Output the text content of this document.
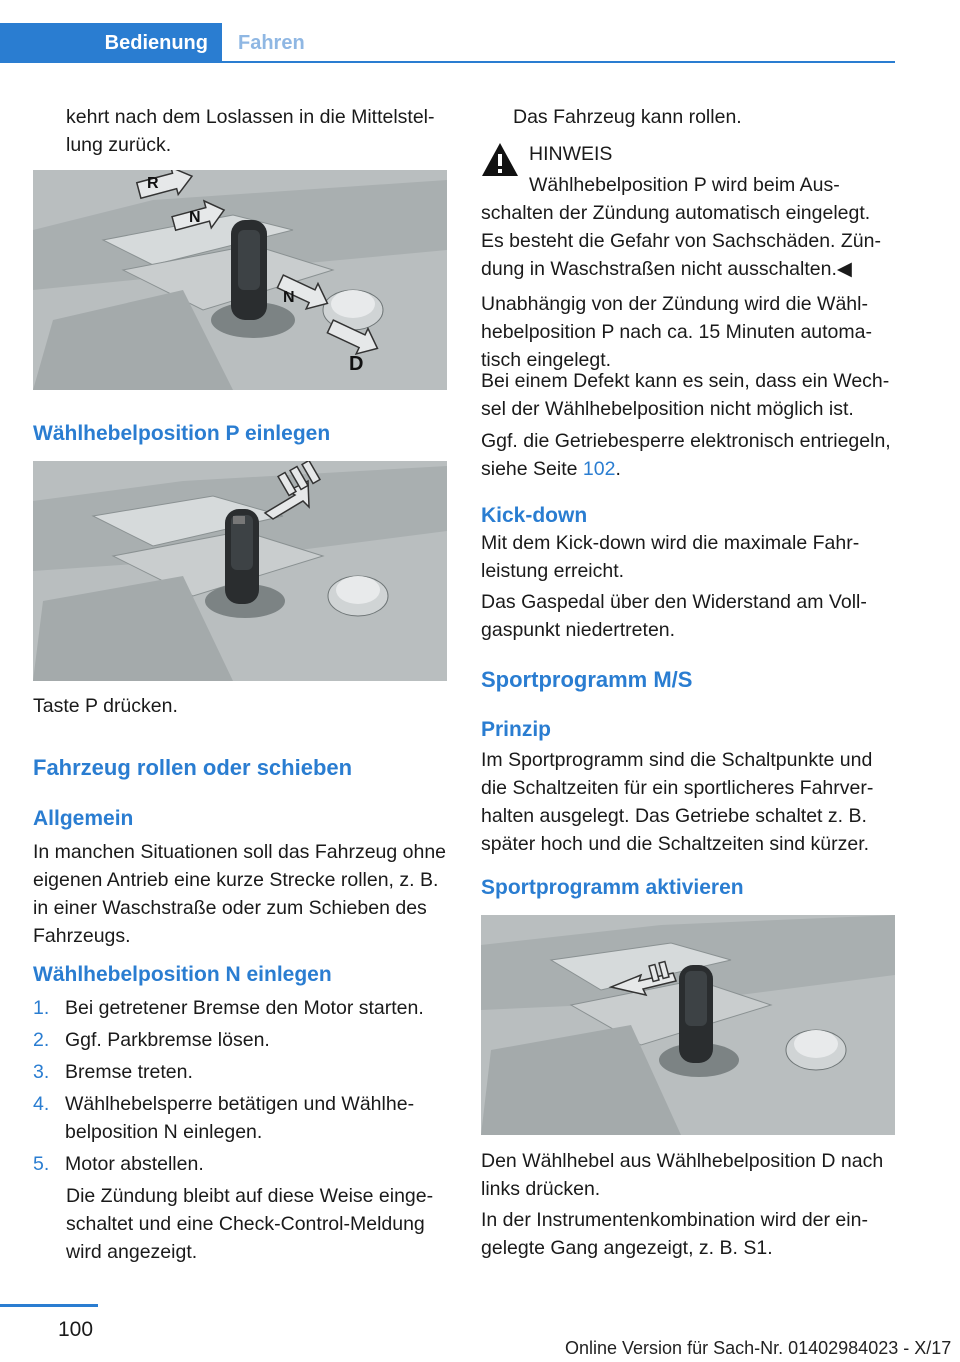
Bedienung	Fahren

kehrt nach dem Loslassen in die Mittelstellung zurück.

R
N
N
D
Wählhebelposition P einlegen

Taste P drücken.

Fahrzeug rollen oder schieben
Allgemein

In manchen Situationen soll das Fahrzeug ohne eigenen Antrieb eine kurze Strecke rollen, z. B. in einer Waschstraße oder zum Schieben des Fahrzeugs.

Wählhebelposition N einlegen
1. Bei getretener Bremse den Motor starten.
2. Ggf. Parkbremse lösen.
3. Bremse treten.
4. Wählhebelsperre betätigen und Wählhebelposition N einlegen.
5. Motor abstellen.

Die Zündung bleibt auf diese Weise eingeschaltet und eine Check-Control-Meldung wird angezeigt.

Das Fahrzeug kann rollen.

HINWEIS

Wählhebelposition P wird beim Aus-

schalten der Zündung automatisch eingelegt. Es besteht die Gefahr von Sachschäden. Zündung in Waschstraßen nicht ausschalten.◀

Unabhängig von der Zündung wird die Wählhebelposition P nach ca. 15 Minuten automatisch eingelegt.

Bei einem Defekt kann es sein, dass ein Wechsel der Wählhebelposition nicht möglich ist.

Ggf. die Getriebesperre elektronisch entriegeln, siehe Seite 102.

Kick-down

Mit dem Kick-down wird die maximale Fahrleistung erreicht.

Das Gaspedal über den Widerstand am Vollgaspunkt niedertreten.

Sportprogramm M/S
Prinzip

Im Sportprogramm sind die Schaltpunkte und die Schaltzeiten für ein sportlicheres Fahrverhalten ausgelegt. Das Getriebe schaltet z. B. später hoch und die Schaltzeiten sind kürzer.

Sportprogramm aktivieren

Den Wählhebel aus Wählhebelposition D nach links drücken.

In der Instrumentenkombination wird der eingelegte Gang angezeigt, z. B. S1.

100
Online Version für Sach-Nr. 01402984023 - X/17
